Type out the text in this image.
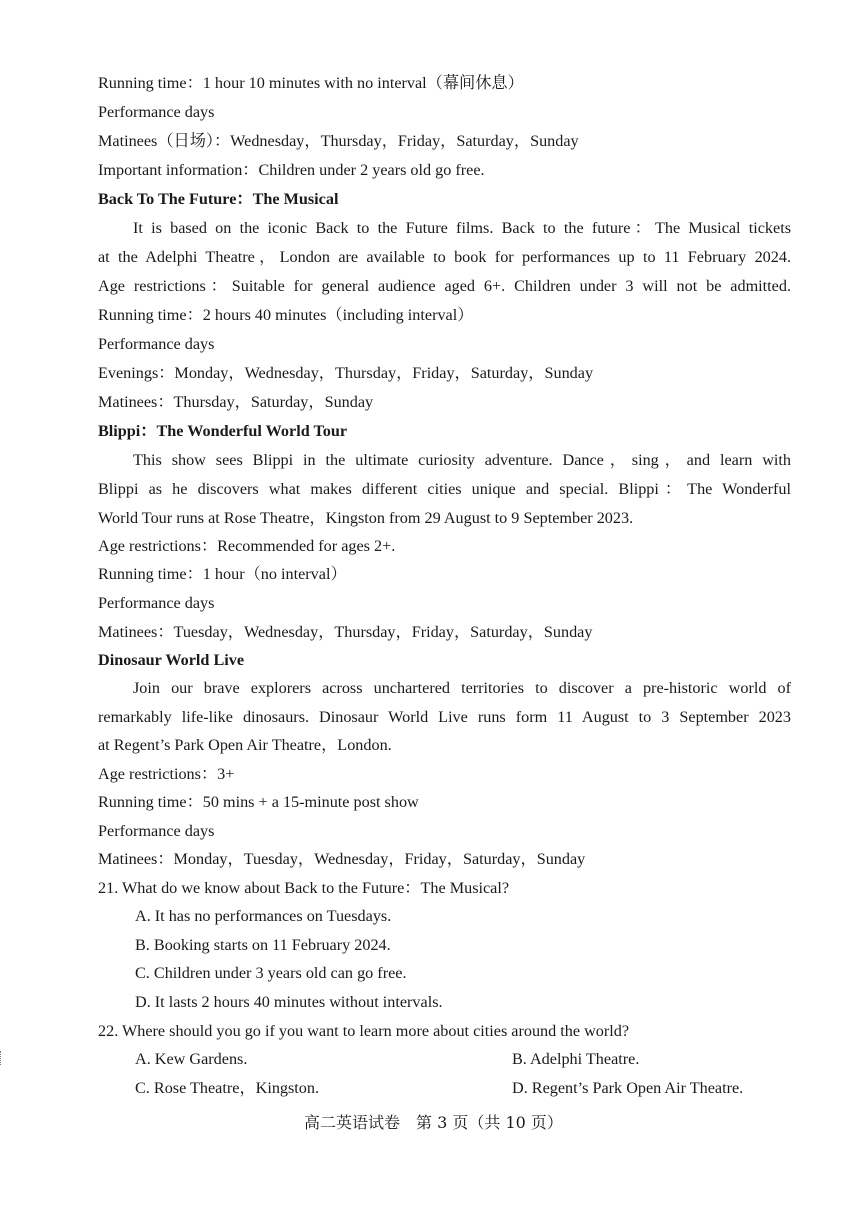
Running time：1 hour 10 minutes with no interval（幕间休息）
Performance days
Matinees（日场）：Wednesday，Thursday，Friday，Saturday，Sunday
Important information：Children under 2 years old go free.
Back To The Future：The Musical
It is based on the iconic Back to the Future films. Back to the future：The Musical tickets
at the Adelphi Theatre，London are available to book for performances up to 11 February 2024.
Age restrictions：Suitable for general audience aged 6+. Children under 3 will not be admitted.
Running time：2 hours 40 minutes（including interval）
Performance days
Evenings：Monday，Wednesday，Thursday，Friday，Saturday，Sunday
Matinees：Thursday，Saturday，Sunday
Blippi：The Wonderful World Tour
This show sees Blippi in the ultimate curiosity adventure. Dance，sing，and learn with
Blippi as he discovers what makes different cities unique and special. Blippi：The Wonderful
World Tour runs at Rose Theatre，Kingston from 29 August to 9 September 2023.
Age restrictions：Recommended for ages 2+.
Running time：1 hour（no interval）
Performance days
Matinees：Tuesday，Wednesday，Thursday，Friday，Saturday，Sunday
Dinosaur World Live
Join our brave explorers across unchartered territories to discover a pre-historic world of
remarkably life-like dinosaurs. Dinosaur World Live runs form 11 August to 3 September 2023
at Regent’s Park Open Air Theatre，London.
Age restrictions：3+
Running time：50 mins + a 15-minute post show
Performance days
Matinees：Monday，Tuesday，Wednesday，Friday，Saturday，Sunday
21. What do we know about Back to the Future：The Musical?
A. It has no performances on Tuesdays.
B. Booking starts on 11 February 2024.
C. Children under 3 years old can go free.
D. It lasts 2 hours 40 minutes without intervals.
22. Where should you go if you want to learn more about cities around the world?
A. Kew Gardens.	B. Adelphi Theatre.
C. Rose Theatre，Kingston.	D. Regent’s Park Open Air Theatre.
高二英语试卷　第 3 页（共 10 页）
